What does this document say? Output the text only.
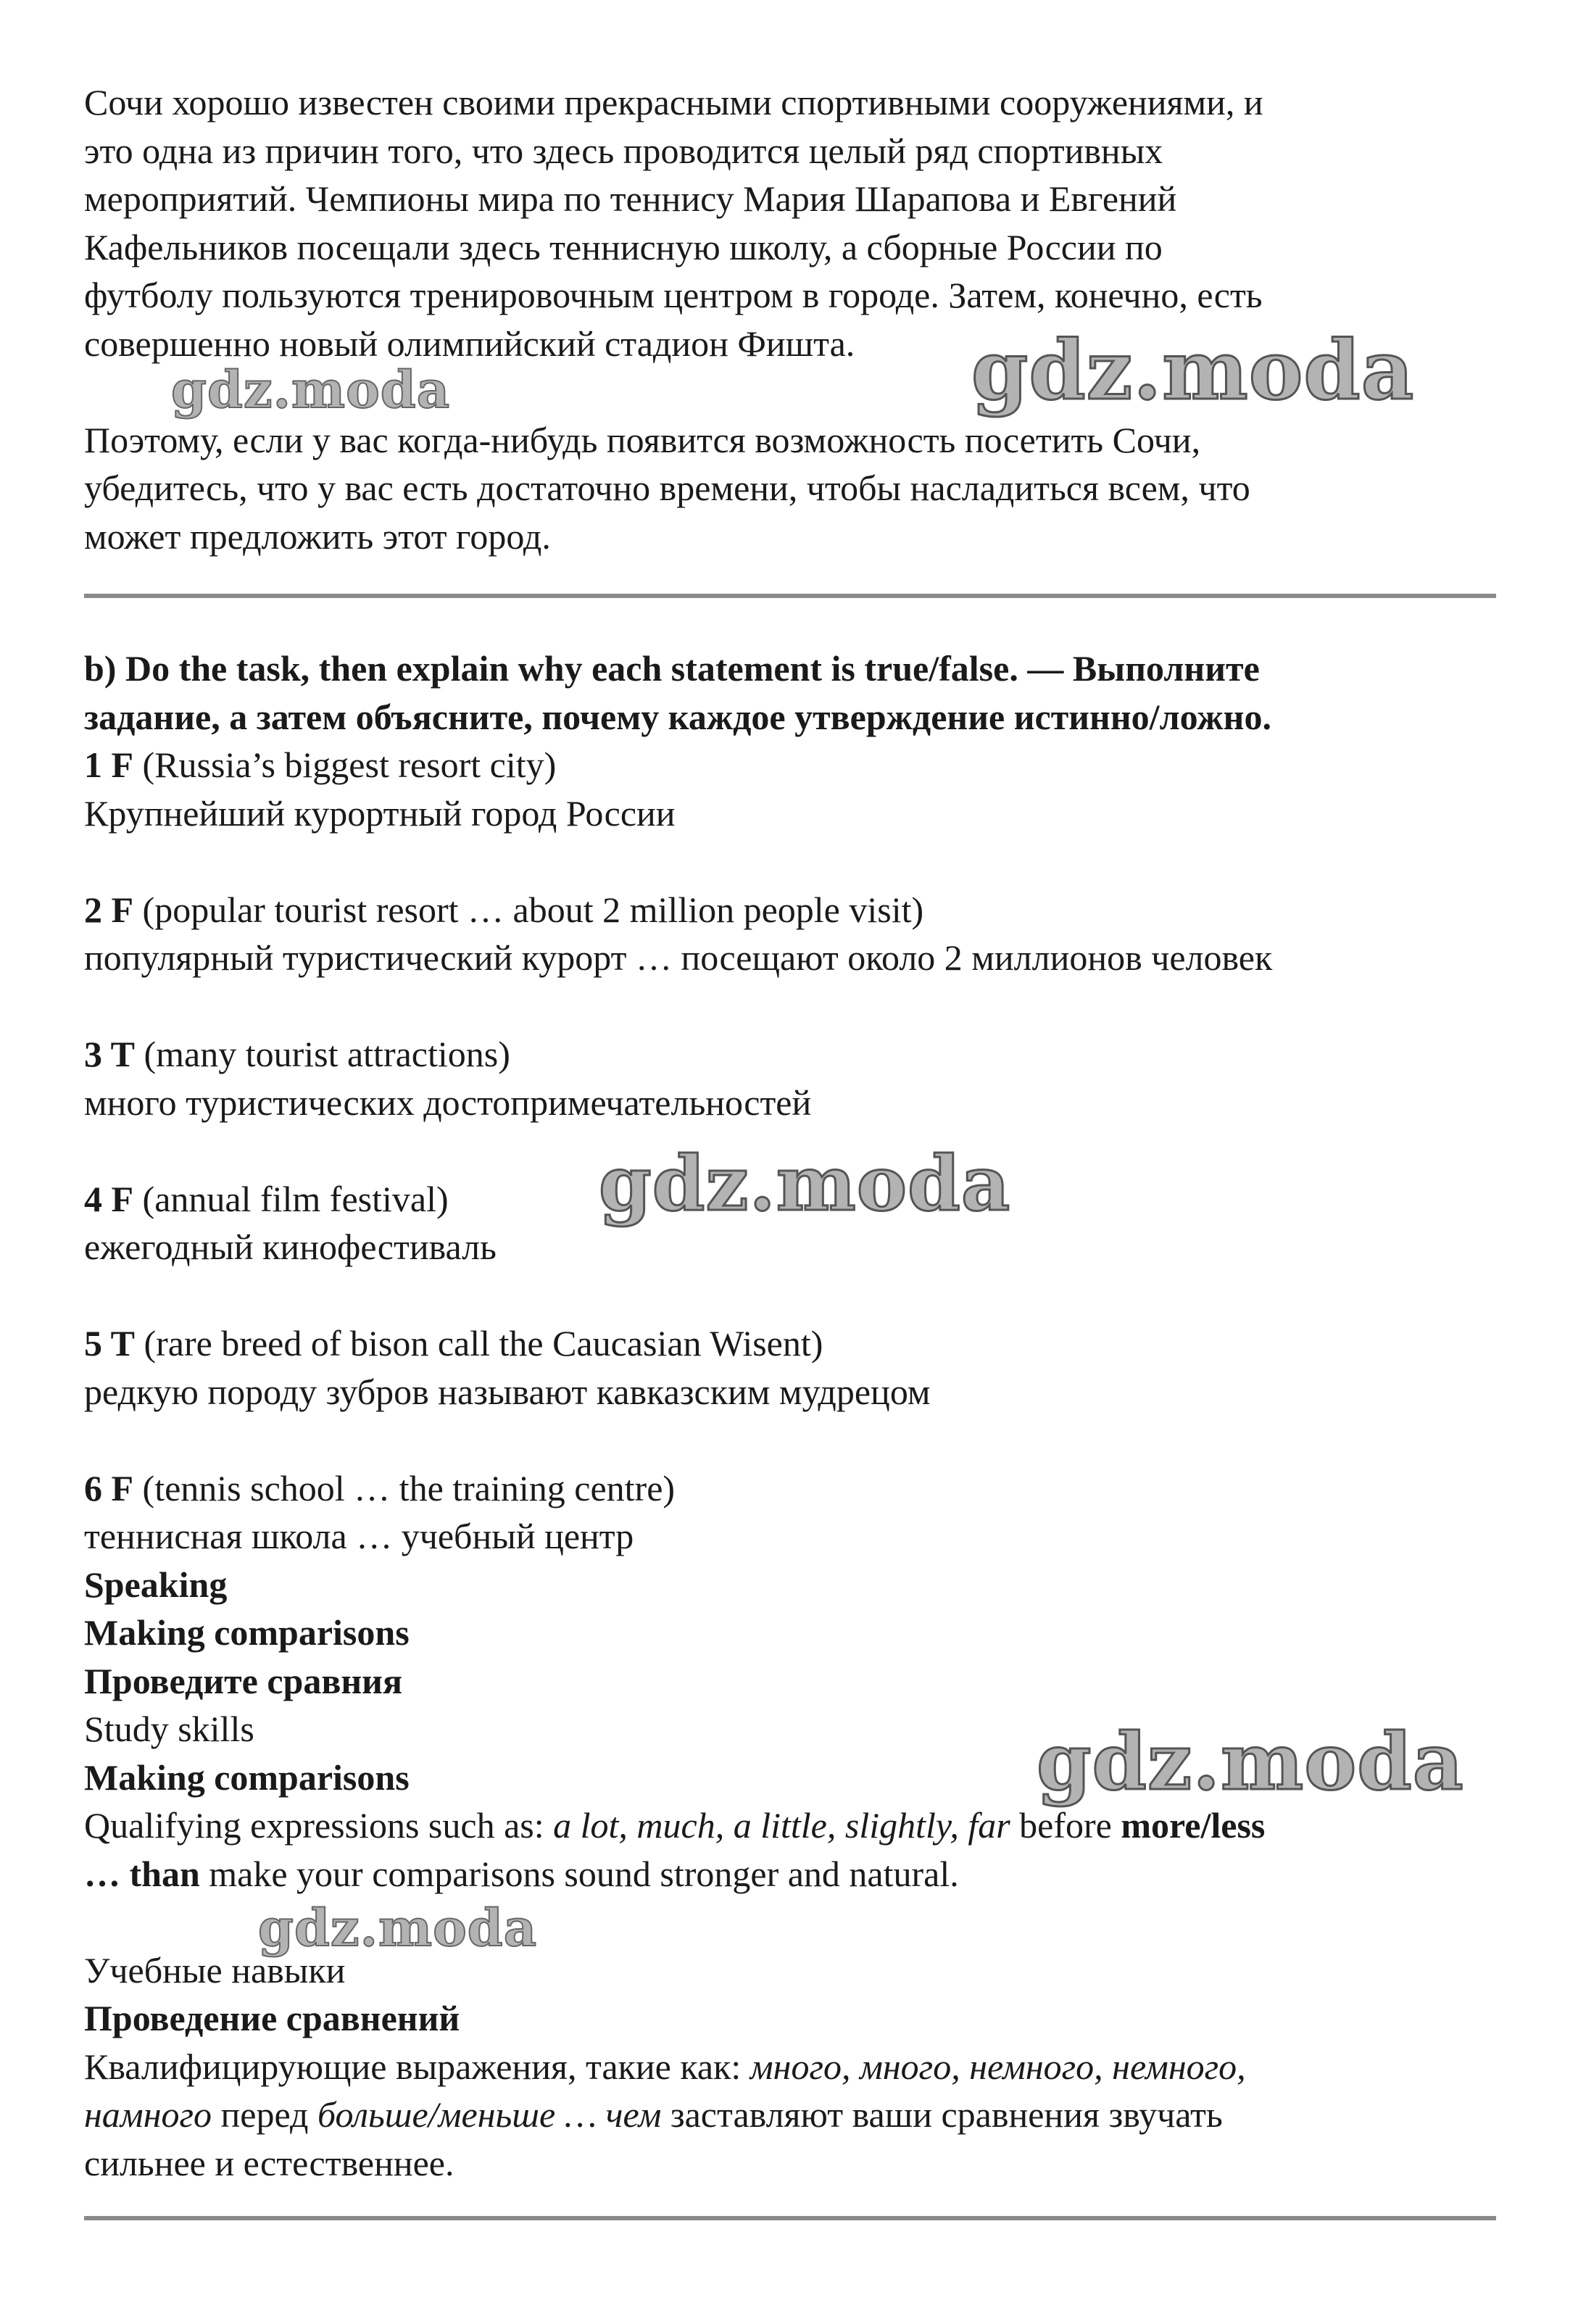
Сочи хорошо известен своими прекрасными спортивными сооружениями, и

это одна из причин того, что здесь проводится целый ряд спортивных

мероприятий. Чемпионы мира по теннису Мария Шарапова и Евгений

Кафельников посещали здесь теннисную школу, а сборные России по

футболу пользуются тренировочным центром в городе. Затем, конечно, есть

совершенно новый олимпийский стадион Фишта.

Поэтому, если у вас когда-нибудь появится возможность посетить Сочи,

убедитесь, что у вас есть достаточно времени, чтобы насладиться всем, что

может предложить этот город.

b) Do the task, then explain why each statement is true/false. — Выполните

задание, а затем объясните, почему каждое утверждение истинно/ложно.

1 F (Russia’s biggest resort city)

Крупнейший курортный город России

2 F (popular tourist resort … about 2 million people visit)

популярный туристический курорт … посещают около 2 миллионов человек

3 T (many tourist attractions)

много туристических достопримечательностей

4 F (annual film festival)

ежегодный кинофестиваль

5 T (rare breed of bison call the Caucasian Wisent)

редкую породу зубров называют кавказским мудрецом

6 F (tennis school … the training centre)

теннисная школа … учебный центр

Speaking

Making comparisons

Проведите сравния

Study skills

Making comparisons

Qualifying expressions such as: a lot, much, a little, slightly, far before more/less

… than make your comparisons sound stronger and natural.

Учебные навыки

Проведение сравнений

Квалифицирующие выражения, такие как: много, много, немного, немного,

намного перед больше/меньше … чем заставляют ваши сравнения звучать

сильнее и естественнее.

gdz.moda
gdz.moda
gdz.moda
gdz.moda
gdz.moda
